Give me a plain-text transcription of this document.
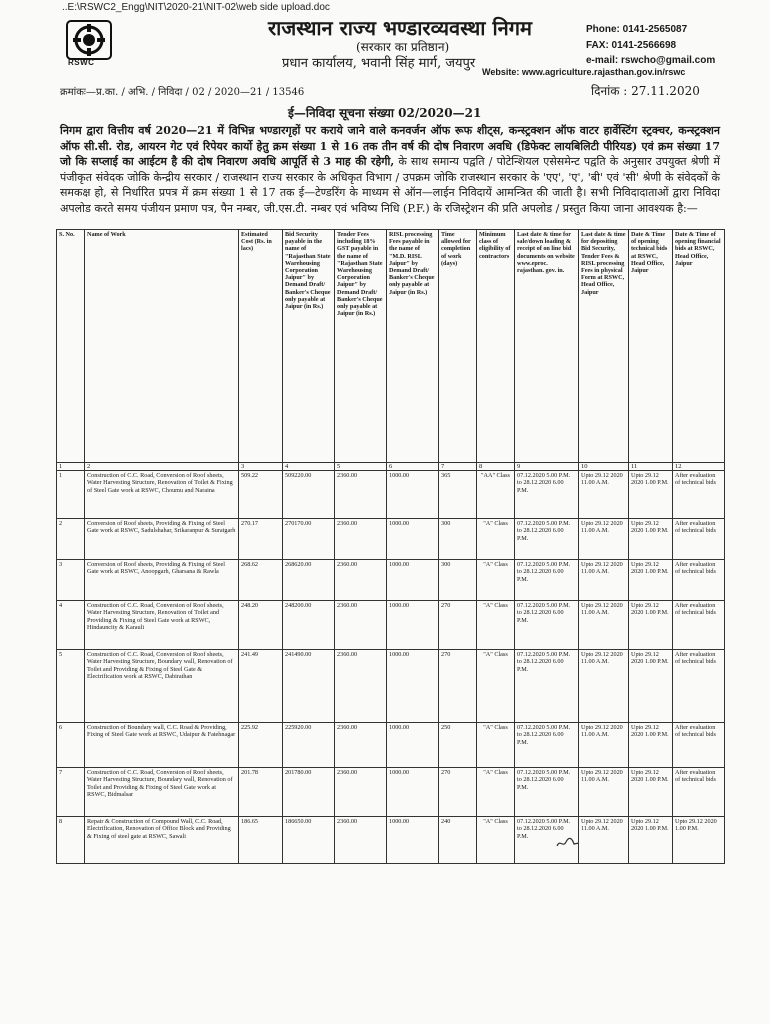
..E:\RSWC2_Engg\NIT\2020-21\NIT-02\web side upload.doc
RSWC
राजस्थान राज्य भण्डारव्यवस्था निगम
(सरकार का प्रतिष्ठान)
प्रधान कार्यालय, भवानी सिंह मार्ग, जयपुर
Phone: 0141-2565087
FAX: 0141-2566698
e-mail: rswcho@gmail.com
Website: www.agriculture.rajasthan.gov.in/rswc
क्रमांकः—प्र.का. / अभि. / निविदा / 02 / 2020—21 / 13546	दिनांक : 27.11.2020
ई—निविदा सूचना संख्या 02/2020—21
निगम द्वारा वित्तीय वर्ष 2020—21 में विभिन्न भण्डारगृहों पर कराये जाने वाले कनवर्जन ऑफ रूफ शीट्स, कन्स्ट्रक्शन ऑफ वाटर हार्वेस्टिंग स्ट्रक्चर, कन्स्ट्रक्शन ऑफ सी.सी. रोड, आयरन गेट एवं रिपेयर कार्यो हेतु क्रम संख्या 1 से 16 तक तीन वर्ष की दोष निवारण अवधि (डिफेक्ट लायबिलिटी पीरियड) एवं क्रम संख्या 17 जो कि सप्लाई का आईटम है की दोष निवारण अवधि आपूर्ति से 3 माह की रहेगी, के साथ समान्य पद्वति / पोटेन्शियल एसेसमेन्ट पद्वति के अनुसार उपयुक्त श्रेणी में पंजीकृत संवेदक जोकि केन्द्रीय सरकार / राजस्थान राज्य सरकार के अधिकृत विभाग / उपक्रम जोकि राजस्थान सरकार के 'एए', 'ए', 'बी' एवं 'सी' श्रेणी के संवेदकों के समकक्ष हो, से निर्धारित प्रपत्र में क्रम संख्या 1 से 17 तक ई—टेण्डरिंग के माध्यम से ऑन—लाईन निविदायें आमन्त्रित की जाती है। सभी निविदादाताओं द्वारा निविदा अपलोड करते समय पंजीयन प्रमाण पत्र, पैन नम्बर, जी.एस.टी. नम्बर एवं भविष्य निधि (P.F.) के रजिस्ट्रेशन की प्रति अपलोड / प्रस्तुत किया जाना आवश्यक है:—
S. No.	Name of Work	Estimated Cost (Rs. in lacs)	Bid Security payable in the name of "Rajasthan State Warehousing Corporation Jaipur" by Demand Draft/ Banker's Cheque only payable at Jaipur (in Rs.)	Tender Fees including 18% GST payable in the name of "Rajasthan State Warehousing Corporation Jaipur" by Demand Draft/ Banker's Cheque only payable at Jaipur (in Rs.)	RISL processing Fees payable in the name of "M.D. RISL Jaipur" by Demand Draft/ Banker's Cheque only payable at Jaipur (in Rs.)	Time allowed for completion of work (days)	Minimum class of eligibility of contractors	Last date & time for sale/down loading & receipt of on line bid documents on website www.eproc. rajasthan. gov. in.	Last date & time for depositing Bid Security, Tender Fees & RISL processing Fees in physical Form at RSWC, Head Office, Jaipur	Date & Time of opening technical bids at RSWC, Head Office, Jaipur	Date & Time of opening financial bids at RSWC, Head Office, Jaipur
1	2	3	4	5	6	7	8	9	10	11	12
1	Construction of C.C. Road, Conversion of Roof sheets, Water Harvesting Structure, Renovation of Toilet & Fixing of Steel Gate work at RSWC, Choumu and Naraina	509.22	509220.00	2360.00	1000.00	365	"AA" Class	07.12.2020 5.00 P.M. to 28.12.2020 6.00 P.M.	Upto 29.12 2020 11.00 A.M.	Upto 29.12 2020 1.00 P.M.	After evaluation of technical bids
2	Conversion of Roof sheets, Providing & Fixing of Steel Gate work at RSWC, Sadulshahar, Srikaranpur & Suratgarh	270.17	270170.00	2360.00	1000.00	300	"A" Class	07.12.2020 5.00 P.M. to 28.12.2020 6.00 P.M.	Upto 29.12 2020 11.00 A.M.	Upto 29.12 2020 1.00 P.M.	After evaluation of technical bids
3	Conversion of Roof sheets, Providing & Fixing of Steel Gate work at RSWC, Anoopgarh, Gharsana & Rawla	268.62	268620.00	2360.00	1000.00	300	"A" Class	07.12.2020 5.00 P.M. to 28.12.2020 6.00 P.M.	Upto 29.12 2020 11.00 A.M.	Upto 29.12 2020 1.00 P.M.	After evaluation of technical bids
4	Construction of C.C. Road, Conversion of Roof sheets, Water Harvesting Structure, Renovation of Toilet and Providing & Fixing of Steel Gate work at RSWC, Hindauncity & Karauli	248.20	248200.00	2360.00	1000.00	270	"A" Class	07.12.2020 5.00 P.M. to 28.12.2020 6.00 P.M.	Upto 29.12 2020 11.00 A.M.	Upto 29.12 2020 1.00 P.M.	After evaluation of technical bids
5	Construction of C.C. Road, Conversion of Roof sheets, Water Harvesting Structure, Boundary wall, Renovation of Toilet and Providing & Fixing of Steel Gate & Electrification work at RSWC, Dabirathan	241.49	241490.00	2360.00	1000.00	270	"A" Class	07.12.2020 5.00 P.M. to 28.12.2020 6.00 P.M.	Upto 29.12 2020 11.00 A.M.	Upto 29.12 2020 1.00 P.M.	After evaluation of technical bids
6	Construction of Boundary wall, C.C. Road & Providing, Fixing of Steel Gate work at RSWC, Udaipur & Fatehnagar	225.92	225920.00	2360.00	1000.00	250	"A" Class	07.12.2020 5.00 P.M. to 28.12.2020 6.00 P.M.	Upto 29.12 2020 11.00 A.M.	Upto 29.12 2020 1.00 P.M.	After evaluation of technical bids
7	Construction of C.C. Road, Conversion of Roof sheets, Water Harvesting Structure, Boundary wall, Renovation of Toilet and Providing & Fixing of Steel Gate work at RSWC, Bidmalsar	201.78	201780.00	2360.00	1000.00	270	"A" Class	07.12.2020 5.00 P.M. to 28.12.2020 6.00 P.M.	Upto 29.12 2020 11.00 A.M.	Upto 29.12 2020 1.00 P.M.	After evaluation of technical bids
8	Repair & Construction of Compound Wall, C.C. Road, Electrification, Renovation of Office Block and Providing & Fixing of steel gate at RSWC, Sawali	186.65	186650.00	2360.00	1000.00	240	"A" Class	07.12.2020 5.00 P.M. to 28.12.2020 6.00 P.M.	Upto 29.12 2020 11.00 A.M.	Upto 29.12 2020 1.00 P.M.	Upto 29.12 2020 1.00 P.M.
